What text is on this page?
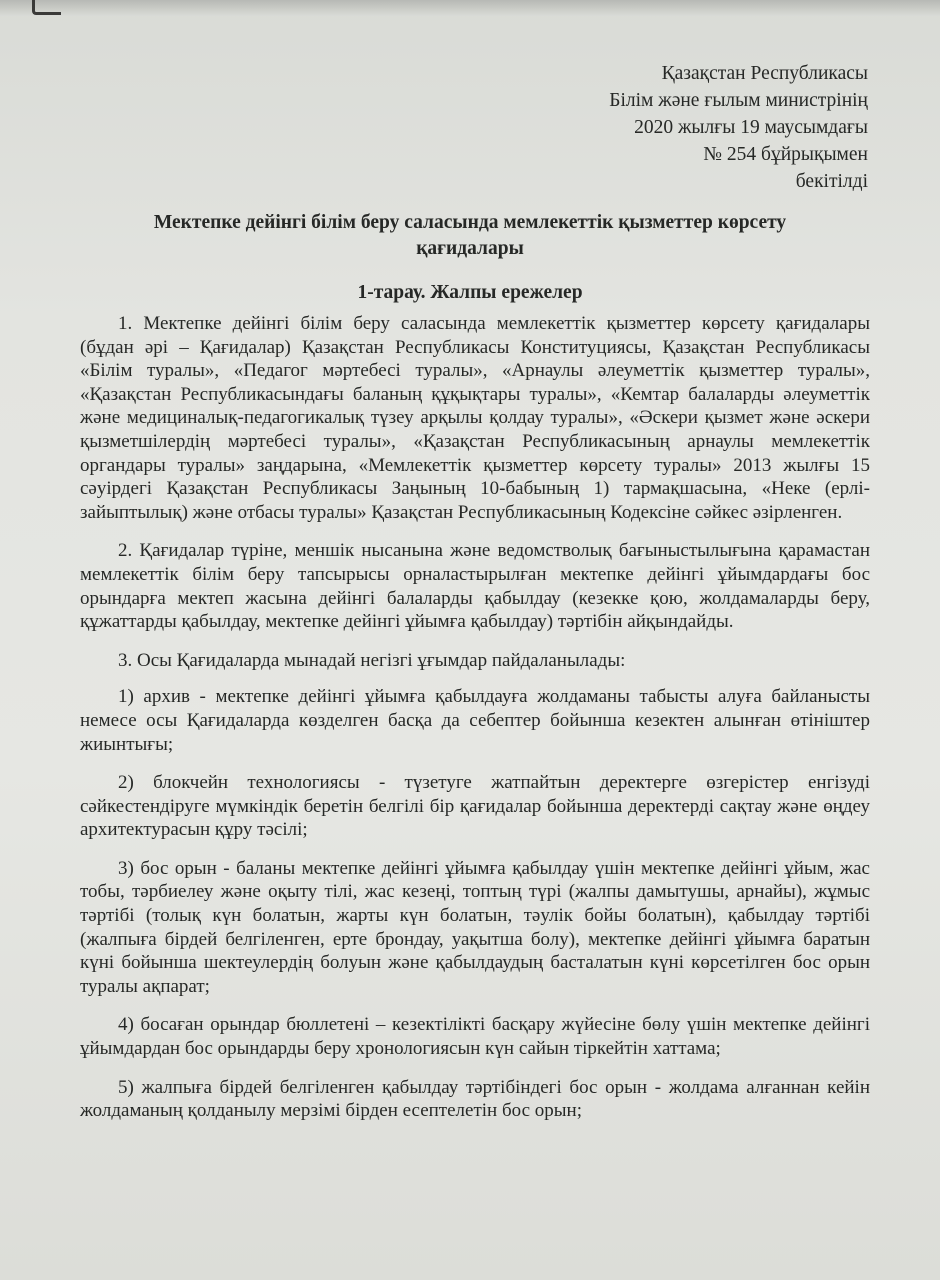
Қазақстан Республикасы
Білім және ғылым министрінің
2020 жылғы 19 маусымдағы
№ 254 бұйрықымен
бекітілді
Мектепке дейінгі білім беру саласында мемлекеттік қызметтер көрсету қағидалары
1-тарау. Жалпы ережелер

1. Мектепке дейінгі білім беру саласында мемлекеттік қызметтер көрсету қағидалары (бұдан әрі – Қағидалар) Қазақстан Республикасы Конституциясы, Қазақстан Республикасы «Білім туралы», «Педагог мәртебесі туралы», «Арнаулы әлеуметтік қызметтер туралы», «Қазақстан Республикасындағы баланың құқықтары туралы», «Кемтар балаларды әлеуметтік және медициналық-педагогикалық түзеу арқылы қолдау туралы», «Әскери қызмет және әскери қызметшілердің мәртебесі туралы», «Қазақстан Республикасының арнаулы мемлекеттік органдары туралы» заңдарына, «Мемлекеттік қызметтер көрсету туралы» 2013 жылғы 15 сәуірдегі Қазақстан Республикасы Заңының 10-бабының 1) тармақшасына, «Неке (ерлі-зайыптылық) және отбасы туралы» Қазақстан Республикасының Кодексіне сәйкес әзірленген.

2. Қағидалар түріне, меншік нысанына және ведомстволық бағыныстылығына қарамастан мемлекеттік білім беру тапсырысы орналастырылған мектепке дейінгі ұйымдардағы бос орындарға мектеп жасына дейінгі балаларды қабылдау (кезекке қою, жолдамаларды беру, құжаттарды қабылдау, мектепке дейінгі ұйымға қабылдау) тәртібін айқындайды.

3. Осы Қағидаларда мынадай негізгі ұғымдар пайдаланылады:

1) архив - мектепке дейінгі ұйымға қабылдауға жолдаманы табысты алуға байланысты немесе осы Қағидаларда көзделген басқа да себептер бойынша кезектен алынған өтініштер жиынтығы;

2) блокчейн технологиясы - түзетуге жатпайтын деректерге өзгерістер енгізуді сәйкестендіруге мүмкіндік беретін белгілі бір қағидалар бойынша деректерді сақтау және өңдеу архитектурасын құру тәсілі;

3) бос орын - баланы мектепке дейінгі ұйымға қабылдау үшін мектепке дейінгі ұйым, жас тобы, тәрбиелеу және оқыту тілі, жас кезеңі, топтың түрі (жалпы дамытушы, арнайы), жұмыс тәртібі (толық күн болатын, жарты күн болатын, тәулік бойы болатын), қабылдау тәртібі (жалпыға бірдей белгіленген, ерте брондау, уақытша болу), мектепке дейінгі ұйымға баратын күні бойынша шектеулердің болуын және қабылдаудың басталатын күні көрсетілген бос орын туралы ақпарат;

4) босаған орындар бюллетені – кезектілікті басқару жүйесіне бөлу үшін мектепке дейінгі ұйымдардан бос орындарды беру хронологиясын күн сайын тіркейтін хаттама;

5) жалпыға бірдей белгіленген қабылдау тәртібіндегі бос орын - жолдама алғаннан кейін жолдаманың қолданылу мерзімі бірден есептелетін бос орын;
